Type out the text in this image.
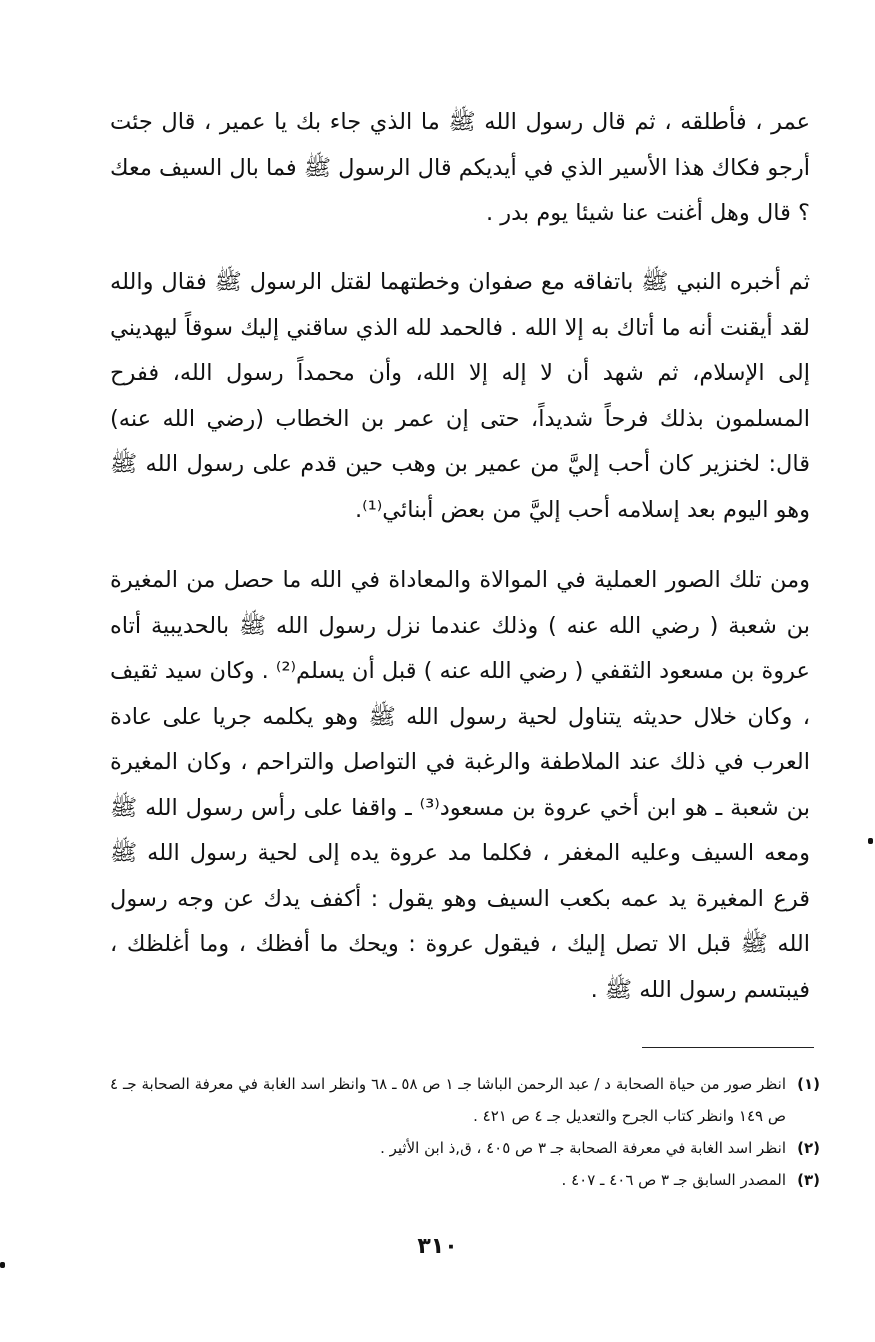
عمر ، فأطلقه ، ثم قال رسول الله ﷺ ما الذي جاء بك يا عمير ، قال جئت أرجو فكاك هذا الأسير الذي في أيديكم قال الرسول ﷺ فما بال السيف معك ؟ قال وهل أغنت عنا شيئا يوم بدر .

ثم أخبره النبي ﷺ باتفاقه مع صفوان وخطتهما لقتل الرسول ﷺ فقال والله لقد أيقنت أنه ما أتاك به إلا الله . فالحمد لله الذي ساقني إليك سوقاً ليهديني إلى الإسلام، ثم شهد أن لا إله إلا الله، وأن محمداً رسول الله، ففرح المسلمون بذلك فرحاً شديداً، حتى إن عمر بن الخطاب (رضي الله عنه) قال: لخنزير كان أحب إليَّ من عمير بن وهب حين قدم على رسول الله ﷺ وهو اليوم بعد إسلامه أحب إليَّ من بعض أبنائي⁽¹⁾.

ومن تلك الصور العملية في الموالاة والمعاداة في الله ما حصل من المغيرة بن شعبة ( رضي الله عنه ) وذلك عندما نزل رسول الله ﷺ بالحديبية أتاه عروة بن مسعود الثقفي ( رضي الله عنه ) قبل أن يسلم⁽²⁾ . وكان سيد ثقيف ، وكان خلال حديثه يتناول لحية رسول الله ﷺ وهو يكلمه جريا على عادة العرب في ذلك عند الملاطفة والرغبة في التواصل والتراحم ، وكان المغيرة بن شعبة ـ هو ابن أخي عروة بن مسعود⁽³⁾ ـ واقفا على رأس رسول الله ﷺ ومعه السيف وعليه المغفر ، فكلما مد عروة يده إلى لحية رسول الله ﷺ قرع المغيرة يد عمه بكعب السيف وهو يقول : أكفف يدك عن وجه رسول الله ﷺ قبل الا تصل إليك ، فيقول عروة : ويحك ما أفظك ، وما أغلظك ، فيبتسم رسول الله ﷺ .

(١)
انظر صور من حياة الصحابة د / عبد الرحمن الباشا جـ ١ ص ٥٨ ـ ٦٨ وانظر اسد الغابة في معرفة الصحابة جـ ٤ ص ١٤٩ وانظر كتاب الجرح والتعديل جـ ٤ ص ٤٢١ .
(٢)
انظر اسد الغابة في معرفة الصحابة جـ ٣ ص ٤٠٥ ، ق,ذ ابن الأثير .
(٣)
المصدر السابق جـ ٣ ص ٤٠٦ ـ ٤٠٧ .
٣١٠
